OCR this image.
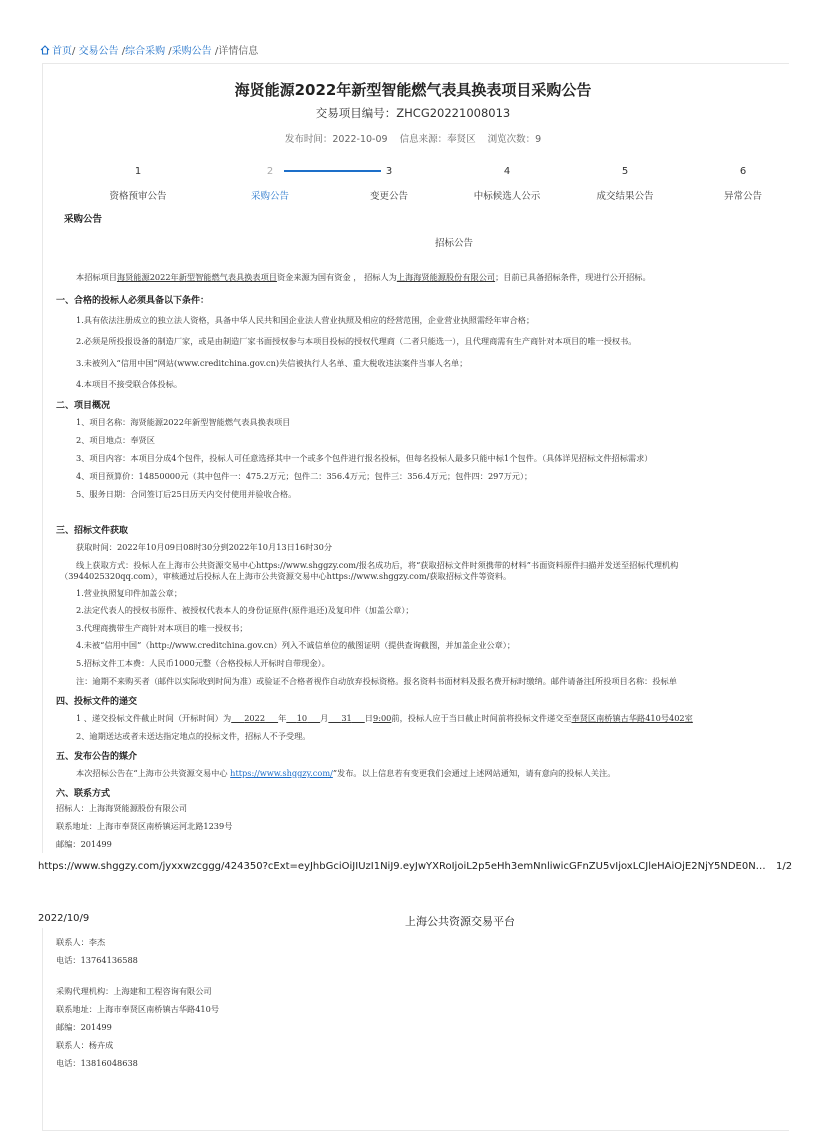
首页/ 交易公告 /综合采购 /采购公告 /详情信息
海贤能源2022年新型智能燃气表具换表项目采购公告
交易项目编号：ZHCG20221008013
发布时间：2022-10-09 信息来源：奉贤区 浏览次数：9
1	2	3	4	5	6
资格预审公告	采购公告	变更公告	中标候选人公示	成交结果公告	异常公告
采购公告
招标公告
本招标项目海贤能源2022年新型智能燃气表具换表项目资金来源为国有资金 ， 招标人为上海海贤能源股份有限公司；目前已具备招标条件，现进行公开招标。
一、合格的投标人必须具备以下条件：
1.具有依法注册成立的独立法人资格，具备中华人民共和国企业法人营业执照及相应的经营范围，企业营业执照需经年审合格；
2.必须是所投报设备的制造厂家，或是由制造厂家书面授权参与本项目投标的授权代理商（二者只能选一），且代理商需有生产商针对本项目的唯一授权书。
3.未被列入“信用中国”网站(www.creditchina.gov.cn)失信被执行人名单、重大税收违法案件当事人名单；
4.本项目不接受联合体投标。
二、项目概况
1、项目名称：海贤能源2022年新型智能燃气表具换表项目
2、项目地点：奉贤区
3、项目内容：本项目分成4个包件，投标人可任意选择其中一个或多个包件进行报名投标，但每名投标人最多只能中标1个包件。（具体详见招标文件招标需求）
4、项目预算价：14850000元（其中包件一：475.2万元；包件二：356.4万元；包件三：356.4万元；包件四：297万元）；
5、服务日期：合同签订后25日历天内交付使用并验收合格。
三、招标文件获取
获取时间：2022年10月09日08时30分到2022年10月13日16时30分
线上获取方式：投标人在上海市公共资源交易中心https://www.shggzy.com/报名成功后，将“获取招标文件时须携带的材料”书面资料原件扫描并发送至招标代理机构
（3944025320qq.com），审核通过后投标人在上海市公共资源交易中心https://www.shggzy.com/获取招标文件等资料。
1.营业执照复印件加盖公章；
2.法定代表人的授权书原件、被授权代表本人的身份证原件(原件退还)及复印件（加盖公章）；
3.代理商携带生产商针对本项目的唯一授权书；
4.未被“信用中国”（http://www.creditchina.gov.cn）列入不诚信单位的截图证明（提供查询截图，并加盖企业公章）；
5.招标文件工本费：人民币1000元整（合格投标人开标时自带现金）。
注：逾期不来购买者（邮件以实际收到时间为准）或验证不合格者视作自动放弃投标资格。报名资料书面材料及报名费开标时缴纳。邮件请备注[所投项目名称：投标单
四、投标文件的递交
1 、递交投标文件截止时间（开标时间）为 2022 年 10 月 31 日9:00前，投标人应于当日截止时间前将投标文件递交至奉贤区南桥镇古华路410号402室
2、逾期送达或者未送达指定地点的投标文件，招标人不予受理。
五、发布公告的媒介
本次招标公告在“上海市公共资源交易中心 https://www.shggzy.com/”发布。以上信息若有变更我们会通过上述网站通知，请有意向的投标人关注。
六、联系方式
招标人：上海海贤能源股份有限公司
联系地址：上海市奉贤区南桥镇运河北路1239号
邮编：201499
https://www.shggzy.com/jyxxwzcggg/424350?cExt=eyJhbGciOiJIUzI1NiJ9.eyJwYXRoIjoiL2p5eHh3emNnliwicGFnZU5vIjoxLCJleHAiOjE2NjY5NDE0N… 1/2
2022/10/9	上海公共资源交易平台
联系人：李杰
电话：13764136588
采购代理机构：上海建和工程咨询有限公司
联系地址：上海市奉贤区南桥镇古华路410号
邮编：201499
联系人：杨卉成
电话：13816048638
